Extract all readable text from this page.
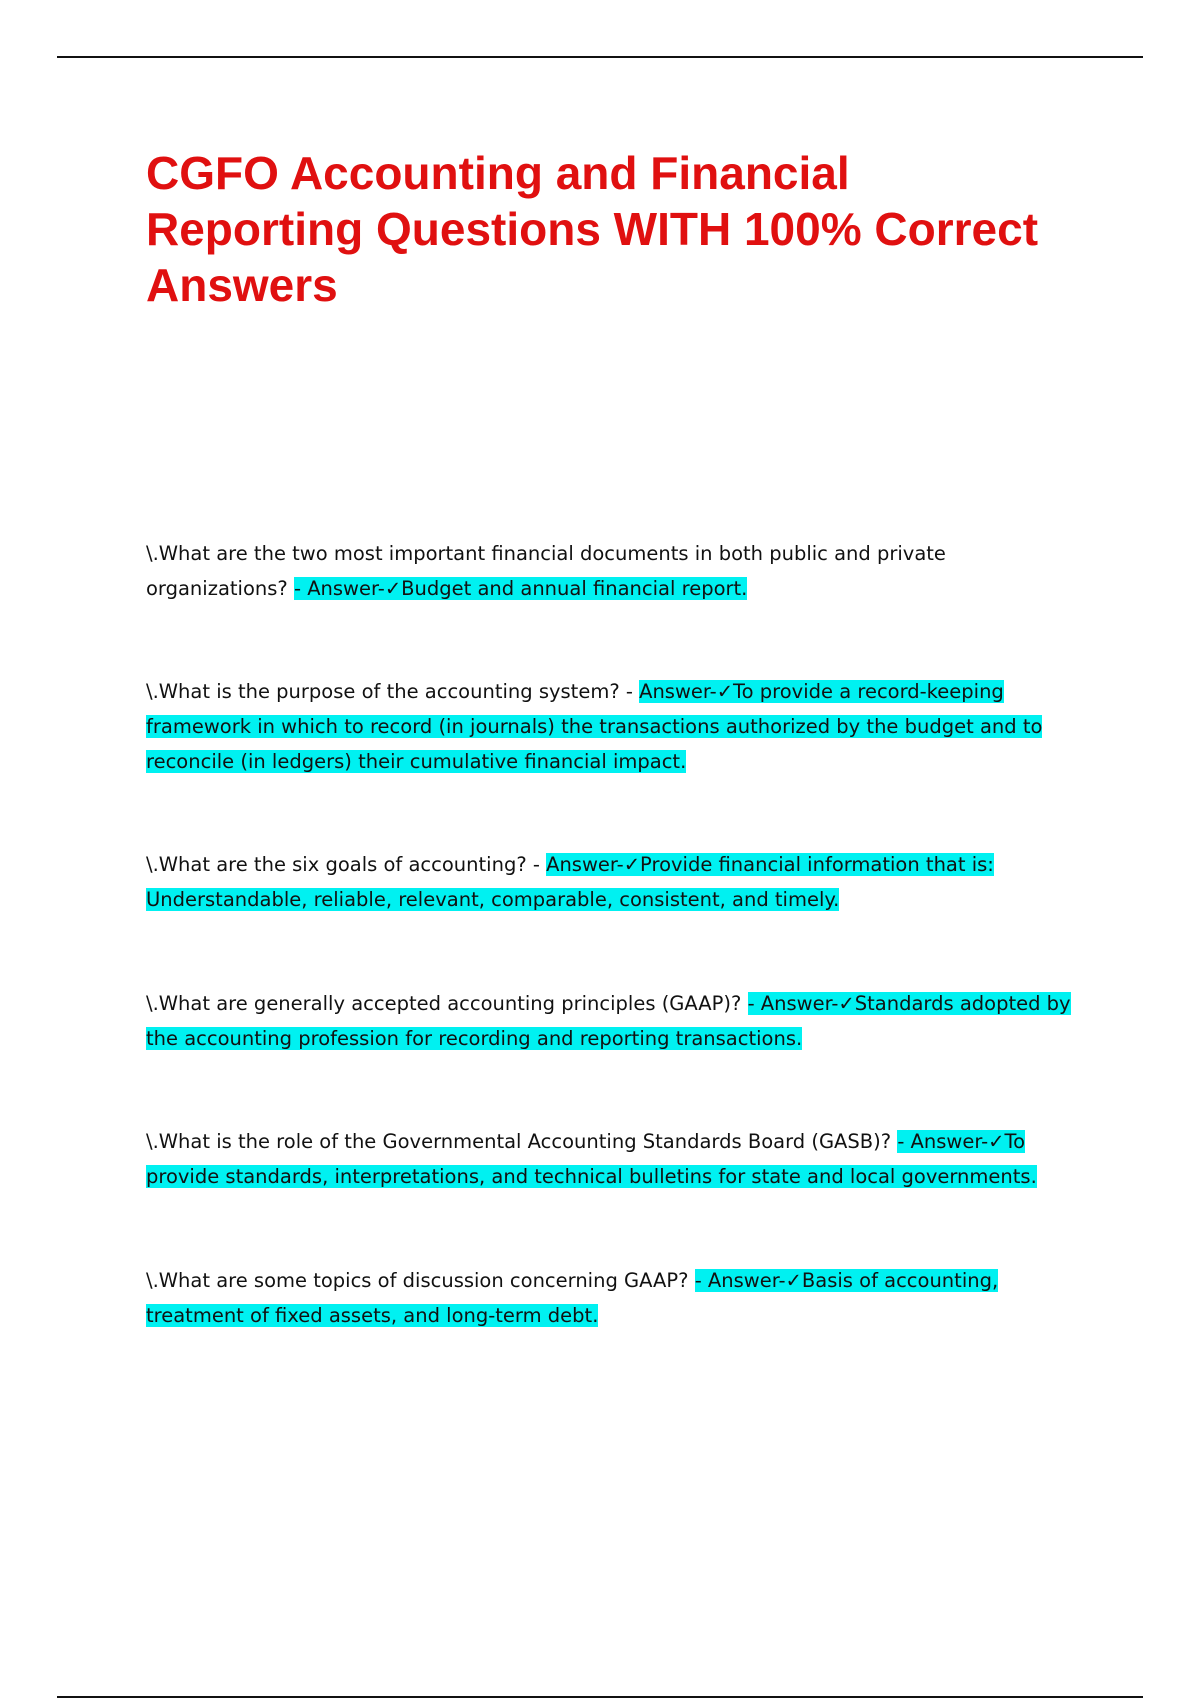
CGFO Accounting and Financial Reporting Questions WITH 100% Correct Answers
\.What are the two most important financial documents in both public and private organizations? - Answer-✓Budget and annual financial report.
\.What is the purpose of the accounting system? - Answer-✓To provide a record-keeping framework in which to record (in journals) the transactions authorized by the budget and to reconcile (in ledgers) their cumulative financial impact.
\.What are the six goals of accounting? - Answer-✓Provide financial information that is: Understandable, reliable, relevant, comparable, consistent, and timely.
\.What are generally accepted accounting principles (GAAP)? - Answer-✓Standards adopted by the accounting profession for recording and reporting transactions.
\.What is the role of the Governmental Accounting Standards Board (GASB)? - Answer-✓To provide standards, interpretations, and technical bulletins for state and local governments.
\.What are some topics of discussion concerning GAAP? - Answer-✓Basis of accounting, treatment of fixed assets, and long-term debt.
